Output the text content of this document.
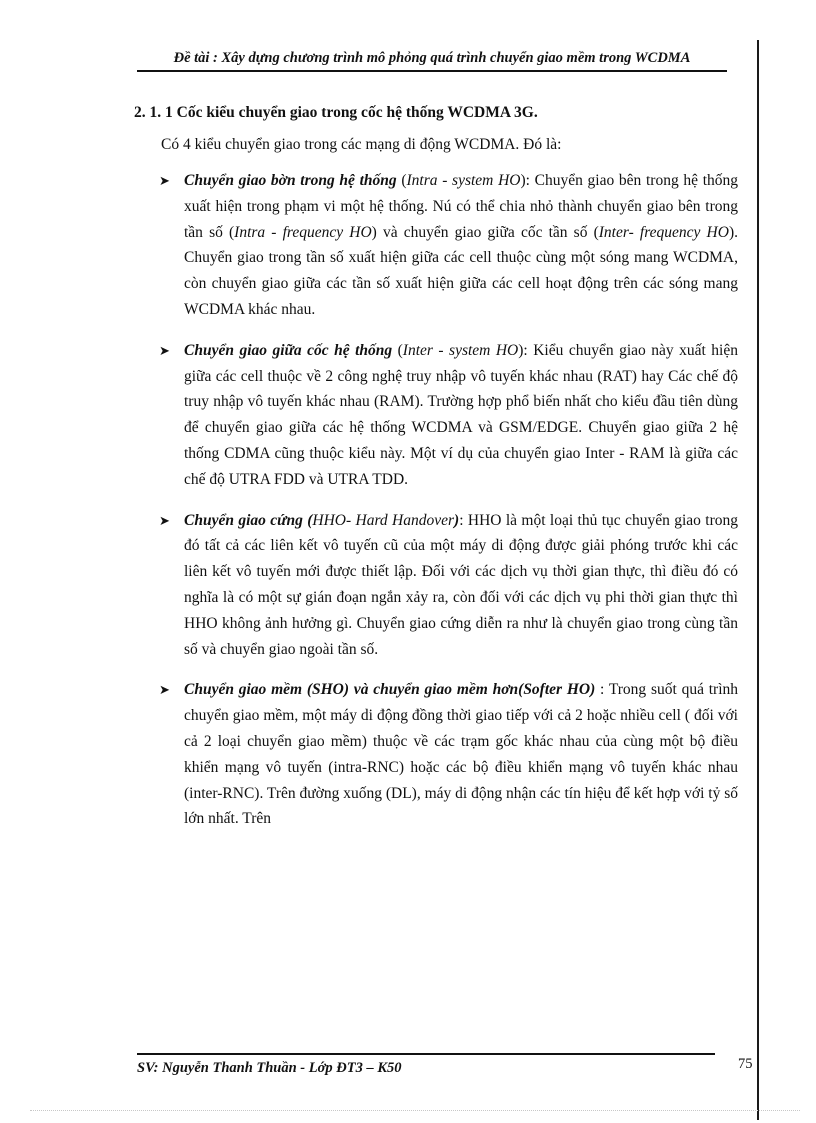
Đề tài : Xây dựng chương trình mô phỏng quá trình chuyển giao mềm trong WCDMA
2. 1. 1 Cốc kiểu chuyển giao trong cốc hệ thống WCDMA 3G.
Có 4 kiểu chuyển giao trong các mạng di động WCDMA. Đó là:
➤ Chuyển giao bờn trong hệ thống (Intra - system HO): Chuyển giao bên trong hệ thống xuất hiện trong phạm vi một hệ thống. Nú có thể chia nhỏ thành chuyển giao bên trong tần số (Intra - frequency HO) và chuyển giao giữa cốc tần số (Inter- frequency HO). Chuyển giao trong tần số xuất hiện giữa các cell thuộc cùng một sóng mang WCDMA, còn chuyển giao giữa các tần số xuất hiện giữa các cell hoạt động trên các sóng mang WCDMA khác nhau.
➤ Chuyển giao giữa cốc hệ thống (Inter - system HO): Kiểu chuyển giao này xuất hiện giữa các cell thuộc về 2 công nghệ truy nhập vô tuyến khác nhau (RAT) hay Các chế độ truy nhập vô tuyến khác nhau (RAM). Trường hợp phổ biến nhất cho kiểu đầu tiên dùng để chuyển giao giữa các hệ thống WCDMA và GSM/EDGE. Chuyển giao giữa 2 hệ thống CDMA cũng thuộc kiểu này. Một ví dụ của chuyển giao Inter - RAM là giữa các chế độ UTRA FDD và UTRA TDD.
➤ Chuyển giao cứng (HHO- Hard Handover): HHO là một loại thủ tục chuyển giao trong đó tất cả các liên kết vô tuyến cũ của một máy di động được giải phóng trước khi các liên kết vô tuyến mới được thiết lập. Đối với các dịch vụ thời gian thực, thì điều đó có nghĩa là có một sự gián đoạn ngắn xảy ra, còn đối với các dịch vụ phi thời gian thực thì HHO không ảnh hưởng gì. Chuyển giao cứng diễn ra như là chuyển giao trong cùng tần số và chuyển giao ngoài tần số.
➤ Chuyển giao mềm (SHO) và chuyển giao mềm hơn(Softer HO) : Trong suốt quá trình chuyển giao mềm, một máy di động đồng thời giao tiếp với cả 2 hoặc nhiều cell ( đối với cả 2 loại chuyển giao mềm) thuộc về các trạm gốc khác nhau của cùng một bộ điều khiển mạng vô tuyến (intra-RNC) hoặc các bộ điều khiển mạng vô tuyến khác nhau (inter-RNC). Trên đường xuống (DL), máy di động nhận các tín hiệu để kết hợp với tỷ số lớn nhất. Trên
SV: Nguyễn Thanh Thuần - Lớp ĐT3 – K50	75
